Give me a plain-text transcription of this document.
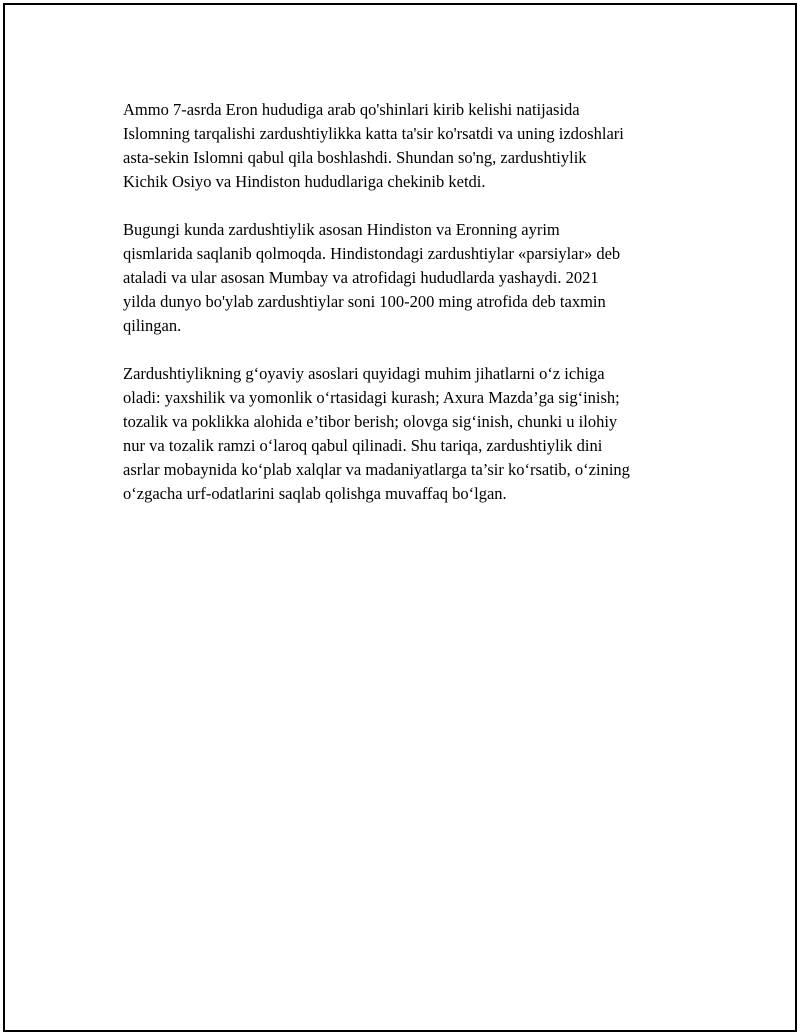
Ammo 7-asrda Eron hududiga arab qo'shinlari kirib kelishi natijasida
Islomning tarqalishi zardushtiylikka katta ta'sir ko'rsatdi va uning izdoshlari
asta-sekin Islomni qabul qila boshlashdi. Shundan so'ng, zardushtiylik
Kichik Osiyo va Hindiston hududlariga chekinib ketdi.

Bugungi kunda zardushtiylik asosan Hindiston va Eronning ayrim
qismlarida saqlanib qolmoqda. Hindistondagi zardushtiylar «parsiylar» deb
ataladi va ular asosan Mumbay va atrofidagi hududlarda yashaydi. 2021
yilda dunyo bo'ylab zardushtiylar soni 100-200 ming atrofida deb taxmin
qilingan.

Zardushtiylikning gʻoyaviy asoslari quyidagi muhim jihatlarni oʻz ichiga
oladi: yaxshilik va yomonlik oʻrtasidagi kurash; Axura Mazda’ga sigʻinish;
tozalik va poklikka alohida e’tibor berish; olovga sigʻinish, chunki u ilohiy
nur va tozalik ramzi oʻlaroq qabul qilinadi. Shu tariqa, zardushtiylik dini
asrlar mobaynida koʻplab xalqlar va madaniyatlarga ta’sir koʻrsatib, oʻzining
oʻzgacha urf-odatlarini saqlab qolishga muvaffaq boʻlgan.
